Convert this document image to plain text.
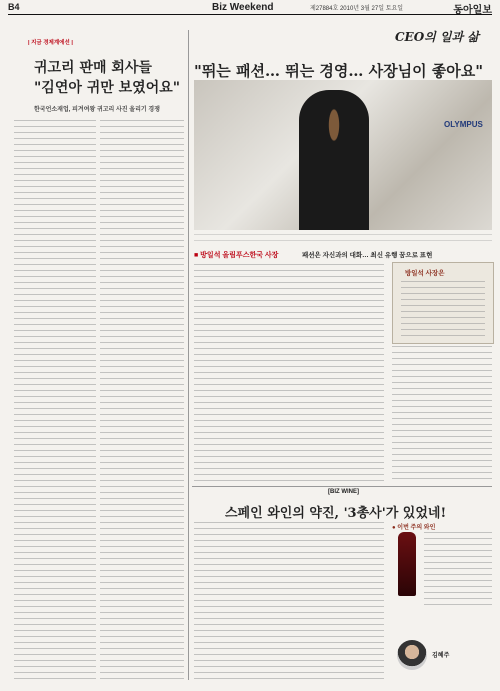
B4	Biz Weekend	제27884호 2010년 3월 27일 토요일	동아일보
| 지금 경제계에선 |
귀고리 판매 회사들
"김연아 귀만 보였어요"
한국언소재업, 피겨여왕 귀고리 사진 올리기 경쟁
CEO의 일과 삶
"뛰는 패션… 뛰는 경영… 사장님이 좋아요"
OLYMPUS
■ 방일석 올림푸스한국 사장	패션은 자신과의 대화… 최신 유행 꿈으로 표현
방일석 사장은
[BIZ WINE]
스페인 와인의 약진, '3총사'가 있었네!
● 이번 주의 와인
김혜주
